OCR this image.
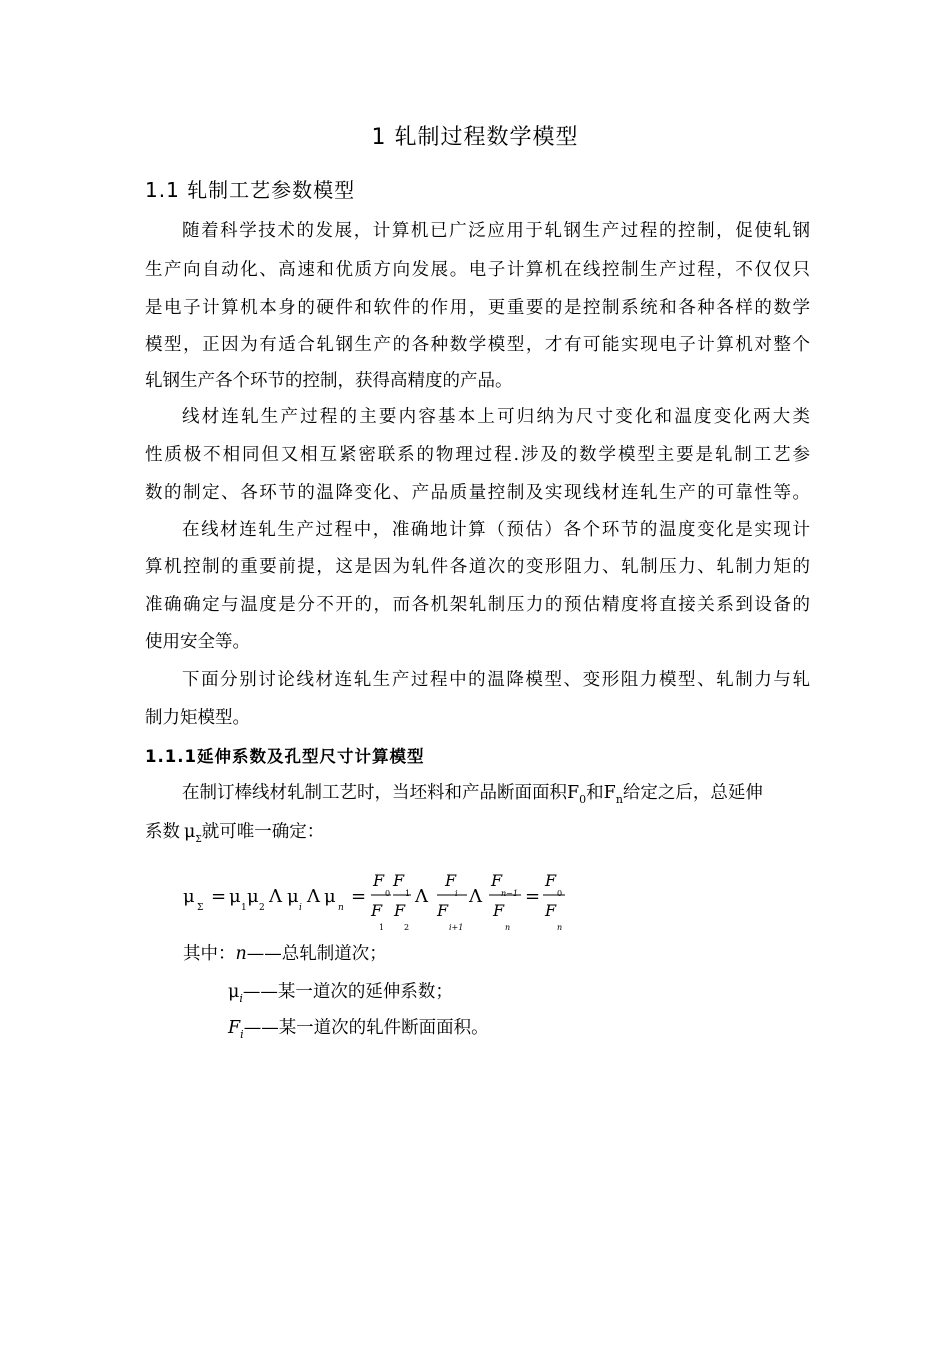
1 轧制过程数学模型
1.1 轧制工艺参数模型
随着科学技术的发展，计算机已广泛应用于轧钢生产过程的控制，促使轧钢
生产向自动化、高速和优质方向发展。电子计算机在线控制生产过程，不仅仅只
是电子计算机本身的硬件和软件的作用，更重要的是控制系统和各种各样的数学
模型，正因为有适合轧钢生产的各种数学模型，才有可能实现电子计算机对整个
轧钢生产各个环节的控制，获得高精度的产品。
线材连轧生产过程的主要内容基本上可归纳为尺寸变化和温度变化两大类
性质极不相同但又相互紧密联系的物理过程.涉及的数学模型主要是轧制工艺参
数的制定、各环节的温降变化、产品质量控制及实现线材连轧生产的可靠性等。
在线材连轧生产过程中，准确地计算（预估）各个环节的温度变化是实现计
算机控制的重要前提，这是因为轧件各道次的变形阻力、轧制压力、轧制力矩的
准确确定与温度是分不开的，而各机架轧制压力的预估精度将直接关系到设备的
使用安全等。
下面分别讨论线材连轧生产过程中的温降模型、变形阻力模型、轧制力与轧
制力矩模型。
1.1.1延伸系数及孔型尺寸计算模型
在制订棒线材轧制工艺时，当坯料和产品断面面积$F_0$和$F_n$给定之后，总延伸
系数 $\mu_\Sigma$就可唯一确定：
μ
Σ
= μ
1
μ
2
Λ μ
i
Λ μ
n
=
F
0
F
1
F
1
F
2
Λ
F
i
F
i+1
Λ
F
n−1
F
n
=
F
0
F
n
其中：n——总轧制道次；
$\mu_i——$某一道次的延伸系数；
$F_i——$某一道次的轧件断面面积。
